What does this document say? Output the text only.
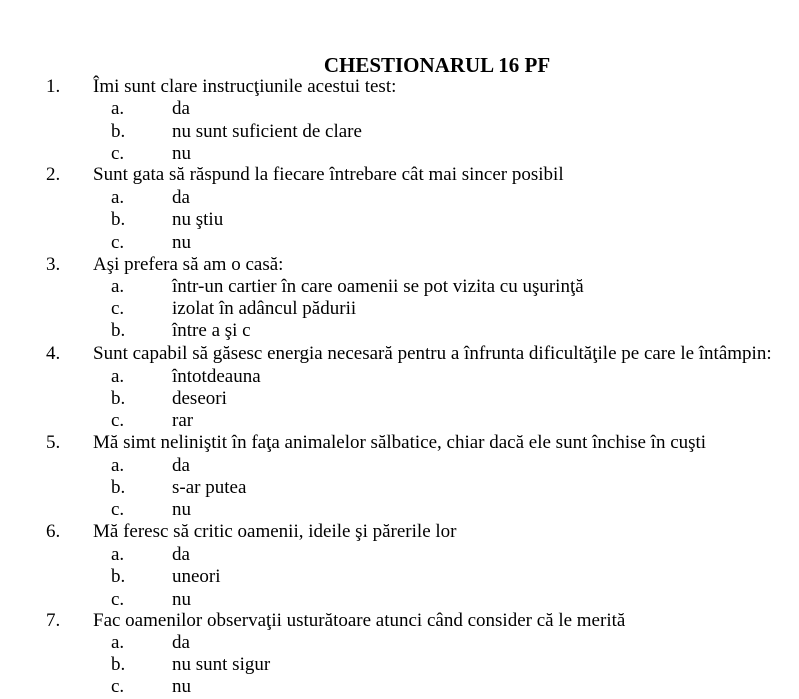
CHESTIONARUL 16 PF
1. Îmi sunt clare instrucţiunile acestui test:
a.	da
b. nu sunt suficient de clare
c.	nu
2. Sunt gata să răspund la fiecare întrebare cât mai sincer posibil
a.	da
b. nu ştiu
c.	nu
3. Aşi prefera să am o casă:
a.	într-un cartier în care oamenii se pot vizita cu uşurinţă
c.	izolat în adâncul pădurii
b. între a şi c
4. Sunt capabil să găsesc energia necesară pentru a înfrunta dificultăţile pe care le întâmpin:
a.	întotdeauna
b. deseori
c.	rar
5. Mă simt neliniştit în faţa animalelor sălbatice, chiar dacă ele sunt închise în cuşti
a.	da
b. s-ar putea
c.	nu
6. Mă feresc să critic oamenii, ideile şi părerile lor
a.	da
b. uneori
c.	nu
7. Fac oamenilor observaţii usturătoare atunci când consider că le merită
a.	da
b. nu sunt sigur
c.	nu
